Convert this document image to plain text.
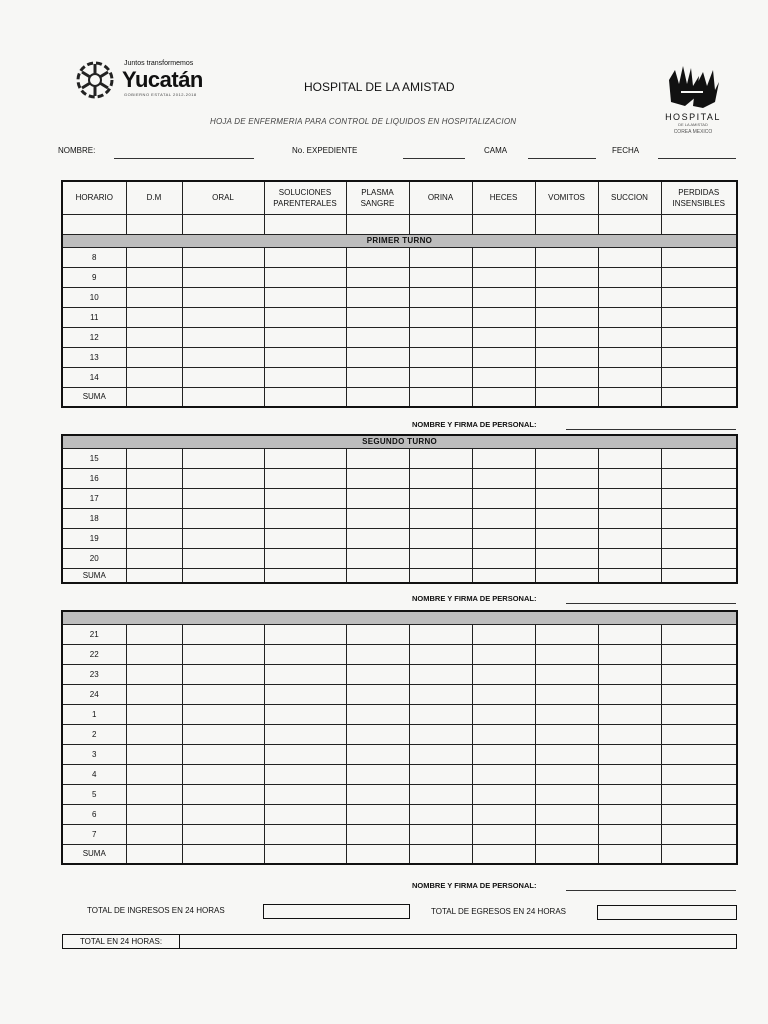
Juntos transformemos
Yucatán
GOBIERNO ESTATAL 2012-2018
HOSPITAL DE LA AMISTAD
HOJA DE ENFERMERIA PARA CONTROL DE LIQUIDOS EN HOSPITALIZACION	HOSPITAL
DE LA AMISTAD
COREA MEXICO
NOMBRE:	No. EXPEDIENTE	CAMA	FECHA
HORARIO	D.M	ORAL	SOLUCIONES PARENTERALES	PLASMA SANGRE	ORINA	HECES	VOMITOS	SUCCION	PERDIDAS INSENSIBLES

PRIMER TURNO									
8									
9									
10									
11									
12									
13									
14									
SUMA									
NOMBRE Y FIRMA DE PERSONAL:
SEGUNDO TURNO									
15									
16									
17									
18									
19									
20									
SUMA									
NOMBRE Y FIRMA DE PERSONAL:

21									
22									
23									
24									
1									
2									
3									
4									
5									
6									
7									
SUMA									
NOMBRE Y FIRMA DE PERSONAL:
TOTAL DE INGRESOS EN 24 HORAS	TOTAL DE EGRESOS EN 24 HORAS
TOTAL EN 24 HORAS:
